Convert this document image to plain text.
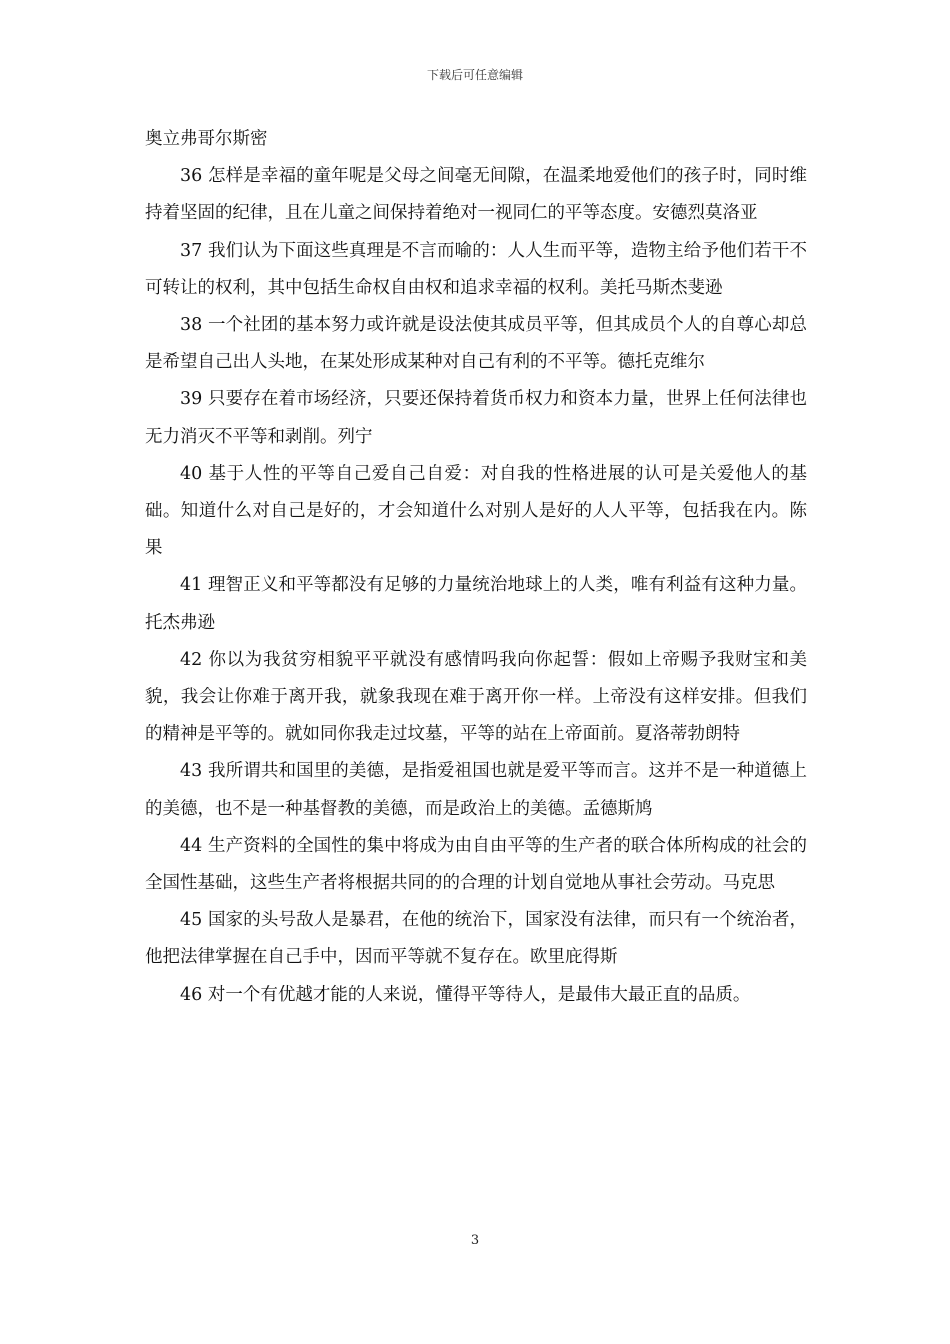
下载后可任意编辑

奥立弗哥尔斯密

36 怎样是幸福的童年呢是父母之间毫无间隙，在温柔地爱他们的孩子时，同时维持着坚固的纪律，且在儿童之间保持着绝对一视同仁的平等态度。安德烈莫洛亚

37 我们认为下面这些真理是不言而喻的：人人生而平等，造物主给予他们若干不可转让的权利，其中包括生命权自由权和追求幸福的权利。美托马斯杰斐逊

38 一个社团的基本努力或许就是设法使其成员平等，但其成员个人的自尊心却总是希望自己出人头地，在某处形成某种对自己有利的不平等。德托克维尔

39 只要存在着市场经济，只要还保持着货币权力和资本力量，世界上任何法律也无力消灭不平等和剥削。列宁

40 基于人性的平等自己爱自己自爱：对自我的性格进展的认可是关爱他人的基础。知道什么对自己是好的，才会知道什么对别人是好的人人平等，包括我在内。陈果

41 理智正义和平等都没有足够的力量统治地球上的人类，唯有利益有这种力量。托杰弗逊

42 你以为我贫穷相貌平平就没有感情吗我向你起誓：假如上帝赐予我财宝和美貌，我会让你难于离开我，就象我现在难于离开你一样。上帝没有这样安排。但我们的精神是平等的。就如同你我走过坟墓，平等的站在上帝面前。夏洛蒂勃朗特

43 我所谓共和国里的美德，是指爱祖国也就是爱平等而言。这并不是一种道德上的美德，也不是一种基督教的美德，而是政治上的美德。孟德斯鸠

44 生产资料的全国性的集中将成为由自由平等的生产者的联合体所构成的社会的全国性基础，这些生产者将根据共同的的合理的计划自觉地从事社会劳动。马克思

45 国家的头号敌人是暴君，在他的统治下，国家没有法律，而只有一个统治者，他把法律掌握在自己手中，因而平等就不复存在。欧里庇得斯

46 对一个有优越才能的人来说，懂得平等待人，是最伟大最正直的品质。

3
